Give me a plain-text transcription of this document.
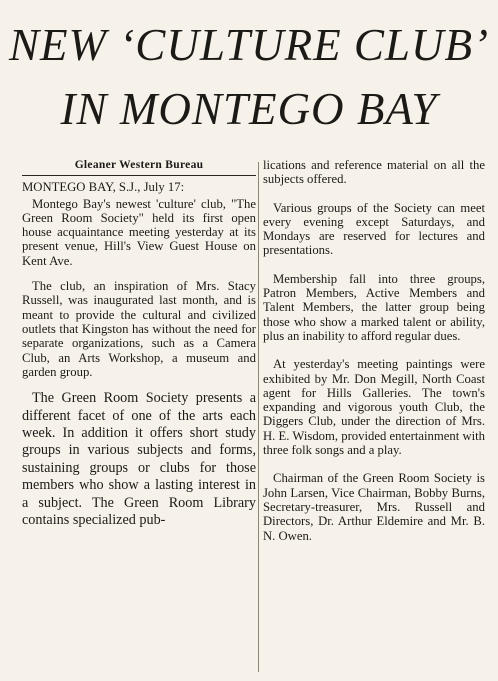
NEW ‘CULTURE CLUB’
IN MONTEGO BAY
Gleaner Western Bureau
MONTEGO BAY, S.J., July 17:

Montego Bay's newest 'culture' club, "The Green Room Society" held its first open house acquaintance meeting yesterday at its present venue, Hill's View Guest House on Kent Ave.

The club, an inspiration of Mrs. Stacy Russell, was inaugurated last month, and is meant to provide the cultural and civilized outlets that Kingston has without the need for separate organizations, such as a Camera Club, an Arts Workshop, a museum and garden group.

The Green Room Society presents a different facet of one of the arts each week. In addition it offers short study groups in various subjects and forms, sustaining groups or clubs for those members who show a lasting interest in a subject. The Green Room Library contains specialized pub-

lications and reference material on all the subjects offered.

Various groups of the Society can meet every evening except Saturdays, and Mondays are reserved for lectures and presentations.

Membership fall into three groups, Patron Members, Active Members and Talent Members, the latter group being those who show a marked talent or ability, plus an inability to afford regular dues.

At yesterday's meeting paintings were exhibited by Mr. Don Megill, North Coast agent for Hills Galleries. The town's expanding and vigorous youth Club, the Diggers Club, under the direction of Mrs. H. E. Wisdom, provided entertainment with three folk songs and a play.

Chairman of the Green Room Society is John Larsen, Vice Chairman, Bobby Burns, Secretary-treasurer, Mrs. Russell and Directors, Dr. Arthur Eldemire and Mr. B. N. Owen.
